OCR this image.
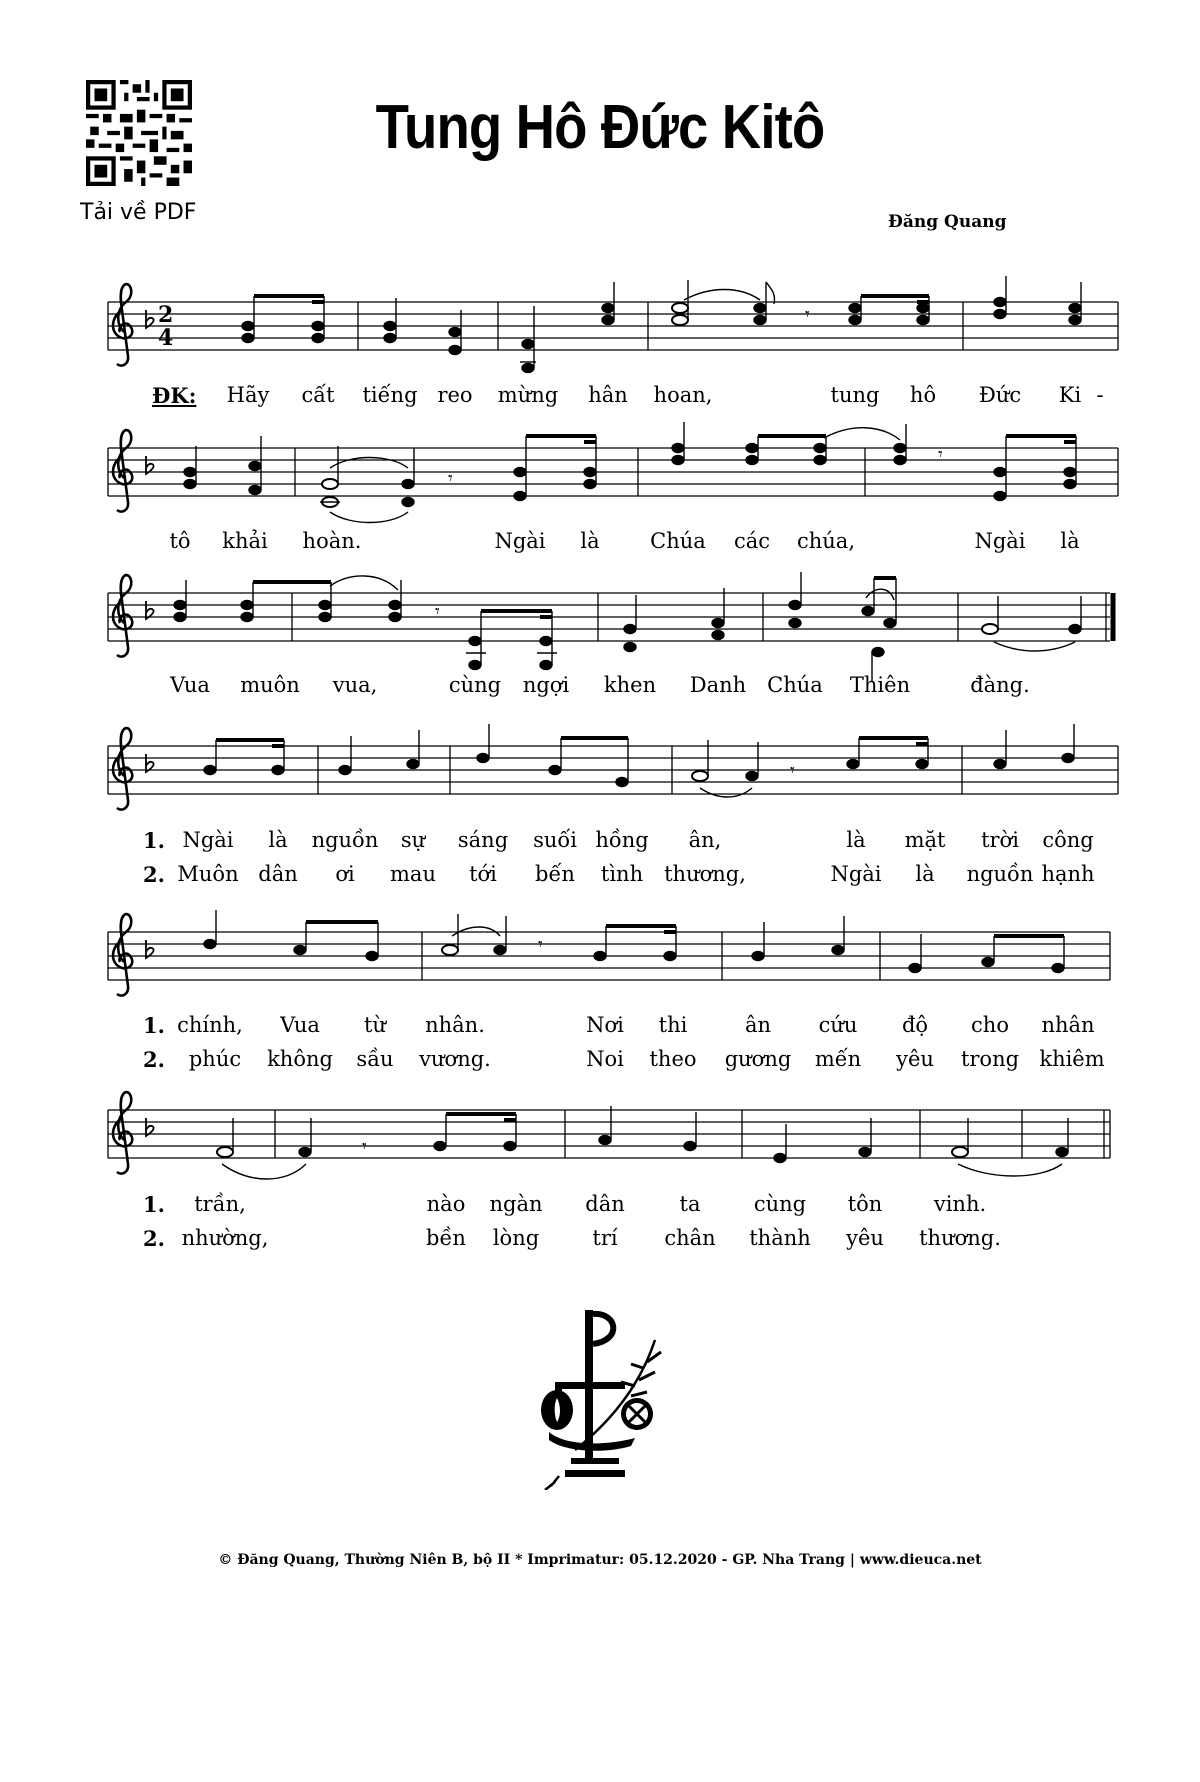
Tải về PDF
Tung Hô Đức Kitô
Đăng Quang
2
4
𝄾
𝄾
𝄾
𝄾
𝄾
𝄾
𝄾
ĐK: Hãy cất tiếng reo mừng hân hoan,	tung hô Đức Ki -
tô khải hoàn.	Ngài là Chúa các chúa,	Ngài là
Vua muôn vua,	cùng ngợi khen Danh Chúa Thiên	đàng.
1. Ngài là nguồn sự sáng suối hồng ân,	là mặt trời công
2. Muôn dân ơi mau tới bến tình thương,	Ngài là nguồn hạnh
1. chính, Vua từ nhân.	Nơi thi	ân cứu độ cho nhân
2. phúc không sầu vương.	Noi theo gương mến yêu trong khiêm
1. trần,	nào ngàn dân	ta	cùng tôn vinh.
2. nhường,	bền lòng	trí chân thành yêu thương.
© Đăng Quang, Thường Niên B, bộ II * Imprimatur: 05.12.2020 - GP. Nha Trang | www.dieuca.net
